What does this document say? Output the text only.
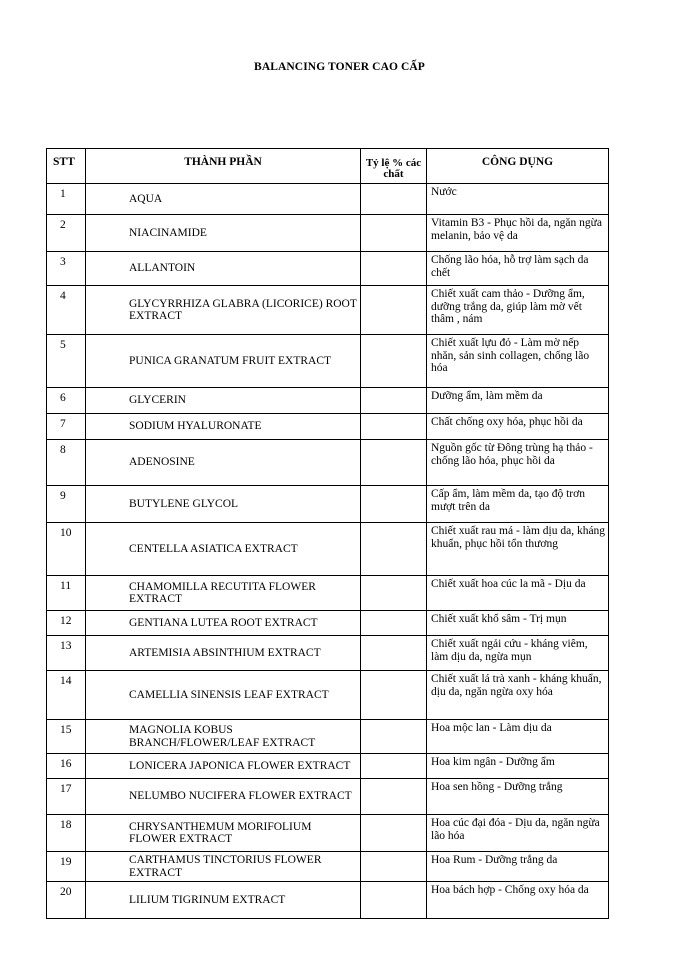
BALANCING TONER CAO CẤP
STT	THÀNH PHẦN	Tỷ lệ % các chất	CÔNG DỤNG
1	AQUA		Nước
2	NIACINAMIDE		Vitamin B3 - Phục hồi da, ngăn ngừa melanin, bảo vệ da
3	ALLANTOIN		Chống lão hóa, hỗ trợ làm sạch da chết
4	GLYCYRRHIZA GLABRA (LICORICE) ROOT EXTRACT		Chiết xuất cam thảo - Dưỡng ẩm, dưỡng trắng da, giúp làm mờ vết thâm , nám
5	PUNICA GRANATUM FRUIT EXTRACT		Chiết xuất lựu đỏ - Làm mờ nếp nhăn, sản sinh collagen, chống lão hóa
6	GLYCERIN		Dưỡng ẩm, làm mềm da
7	SODIUM HYALURONATE		Chất chống oxy hóa, phục hồi da
8	ADENOSINE		Nguồn gốc từ Đông trùng hạ thảo - chống lão hóa, phục hồi da
9	BUTYLENE GLYCOL		Cấp ẩm, làm mềm da, tạo độ trơn mượt trên da
10	CENTELLA ASIATICA EXTRACT		Chiết xuất rau má - làm dịu da, kháng khuẩn, phục hồi tổn thương
11	CHAMOMILLA RECUTITA FLOWER EXTRACT		Chiết xuất hoa cúc la mã - Dịu da
12	GENTIANA LUTEA ROOT EXTRACT		Chiết xuất khổ sâm - Trị mụn
13	ARTEMISIA ABSINTHIUM EXTRACT		Chiết xuất ngải cứu - kháng viêm, làm dịu da, ngừa mụn
14	CAMELLIA SINENSIS LEAF EXTRACT		Chiết xuất lá trà xanh - kháng khuẩn, dịu da, ngăn ngừa oxy hóa
15	MAGNOLIA KOBUS BRANCH/FLOWER/LEAF EXTRACT		Hoa mộc lan - Làm dịu da
16	LONICERA JAPONICA FLOWER EXTRACT		Hoa kim ngân - Dưỡng ẩm
17	NELUMBO NUCIFERA FLOWER EXTRACT		Hoa sen hồng - Dưỡng trắng
18	CHRYSANTHEMUM MORIFOLIUM FLOWER EXTRACT		Hoa cúc đại đóa - Dịu da, ngăn ngừa lão hóa
19	CARTHAMUS TINCTORIUS FLOWER EXTRACT		Hoa Rum - Dưỡng trắng da
20	LILIUM TIGRINUM EXTRACT		Hoa bách hợp - Chống oxy hóa da
